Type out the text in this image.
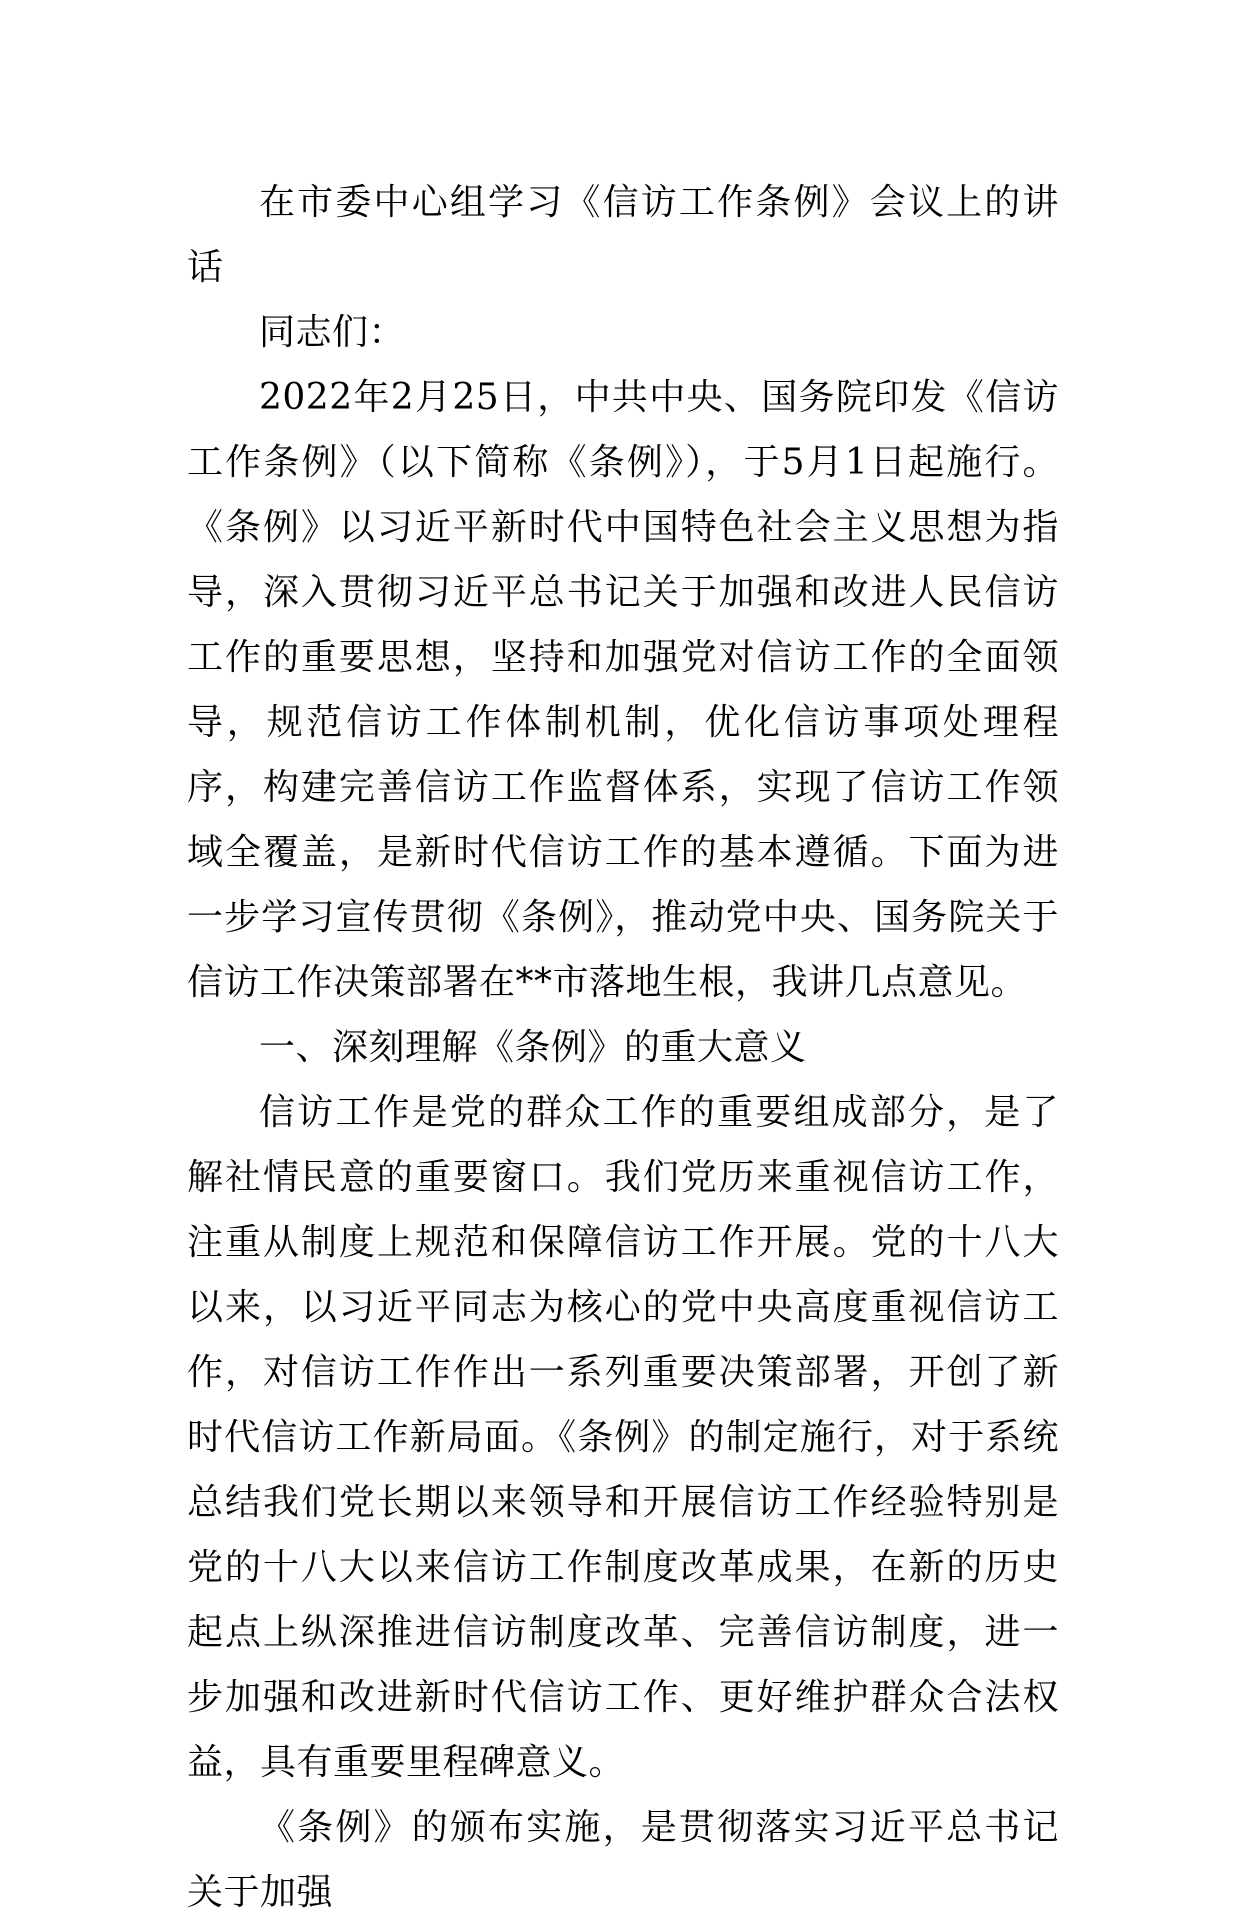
在市委中心组学习《信访工作条例》会议上的讲话

同志们：

2022年2月25日，中共中央、国务院印发《信访工作条例》（以下简称《条例》），于5月1日起施行。《条例》以习近平新时代中国特色社会主义思想为指导，深入贯彻习近平总书记关于加强和改进人民信访工作的重要思想，坚持和加强党对信访工作的全面领导，规范信访工作体制机制，优化信访事项处理程序，构建完善信访工作监督体系，实现了信访工作领域全覆盖，是新时代信访工作的基本遵循。下面为进一步学习宣传贯彻《条例》，推动党中央、国务院关于信访工作决策部署在**市落地生根，我讲几点意见。

一、深刻理解《条例》的重大意义

信访工作是党的群众工作的重要组成部分，是了解社情民意的重要窗口。我们党历来重视信访工作，注重从制度上规范和保障信访工作开展。党的十八大以来，以习近平同志为核心的党中央高度重视信访工作，对信访工作作出一系列重要决策部署，开创了新时代信访工作新局面。《条例》的制定施行，对于系统总结我们党长期以来领导和开展信访工作经验特别是党的十八大以来信访工作制度改革成果，在新的历史起点上纵深推进信访制度改革、完善信访制度，进一步加强和改进新时代信访工作、更好维护群众合法权益，具有重要里程碑意义。

《条例》的颁布实施，是贯彻落实习近平总书记关于加强
